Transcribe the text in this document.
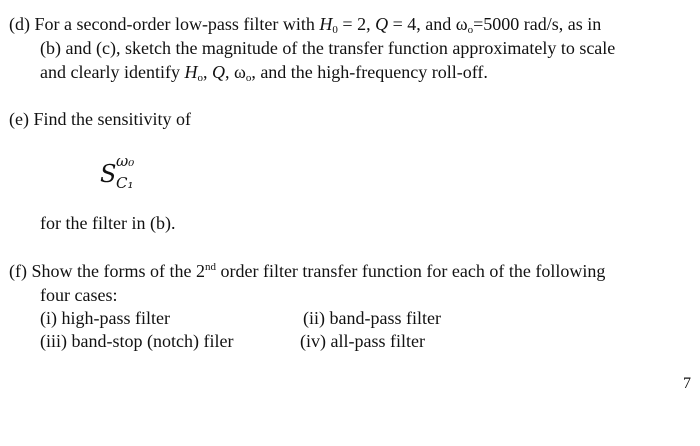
(d) For a second-order low-pass filter with $H_0 = 2$, Q = 4, and $\omega_o=5000$ rad/s, as in
(b) and (c), sketch the magnitude of the transfer function approximately to scale
and clearly identify $H_o$, Q, $\omega_o$, and the high-frequency roll-off.
(e) Find the sensitivity of
S ω₀
C₁
for the filter in (b).
(f) Show the forms of the 2nd order filter transfer function for each of the following
four cases:
(i) high-pass filter	(ii) band-pass filter
(iii) band-stop (notch) filer	(iv) all-pass filter
7
